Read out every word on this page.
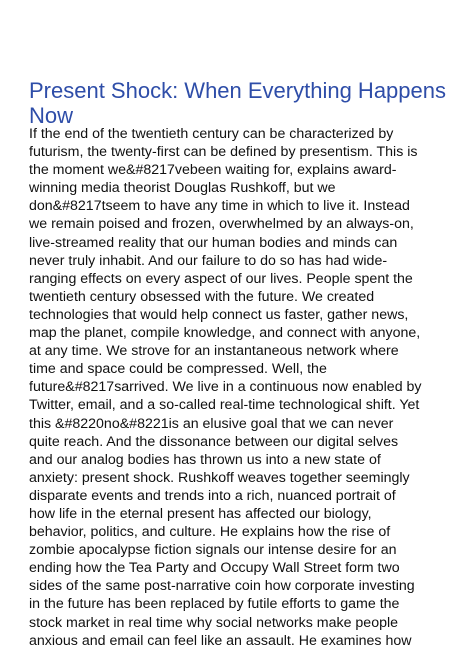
Present Shock: When Everything Happens
Now
If the end of the twentieth century can be characterized by
futurism, the twenty-first can be defined by presentism. This is
the moment we&#8217vebeen waiting for, explains award-
winning media theorist Douglas Rushkoff, but we
don&#8217tseem to have any time in which to live it. Instead
we remain poised and frozen, overwhelmed by an always-on,
live-streamed reality that our human bodies and minds can
never truly inhabit. And our failure to do so has had wide-
ranging effects on every aspect of our lives. People spent the
twentieth century obsessed with the future. We created
technologies that would help connect us faster, gather news,
map the planet, compile knowledge, and connect with anyone,
at any time. We strove for an instantaneous network where
time and space could be compressed. Well, the
future&#8217sarrived. We live in a continuous now enabled by
Twitter, email, and a so-called real-time technological shift. Yet
this &#8220no&#8221is an elusive goal that we can never
quite reach. And the dissonance between our digital selves
and our analog bodies has thrown us into a new state of
anxiety: present shock. Rushkoff weaves together seemingly
disparate events and trends into a rich, nuanced portrait of
how life in the eternal present has affected our biology,
behavior, politics, and culture. He explains how the rise of
zombie apocalypse fiction signals our intense desire for an
ending how the Tea Party and Occupy Wall Street form two
sides of the same post-narrative coin how corporate investing
in the future has been replaced by futile efforts to game the
stock market in real time why social networks make people
anxious and email can feel like an assault. He examines how
